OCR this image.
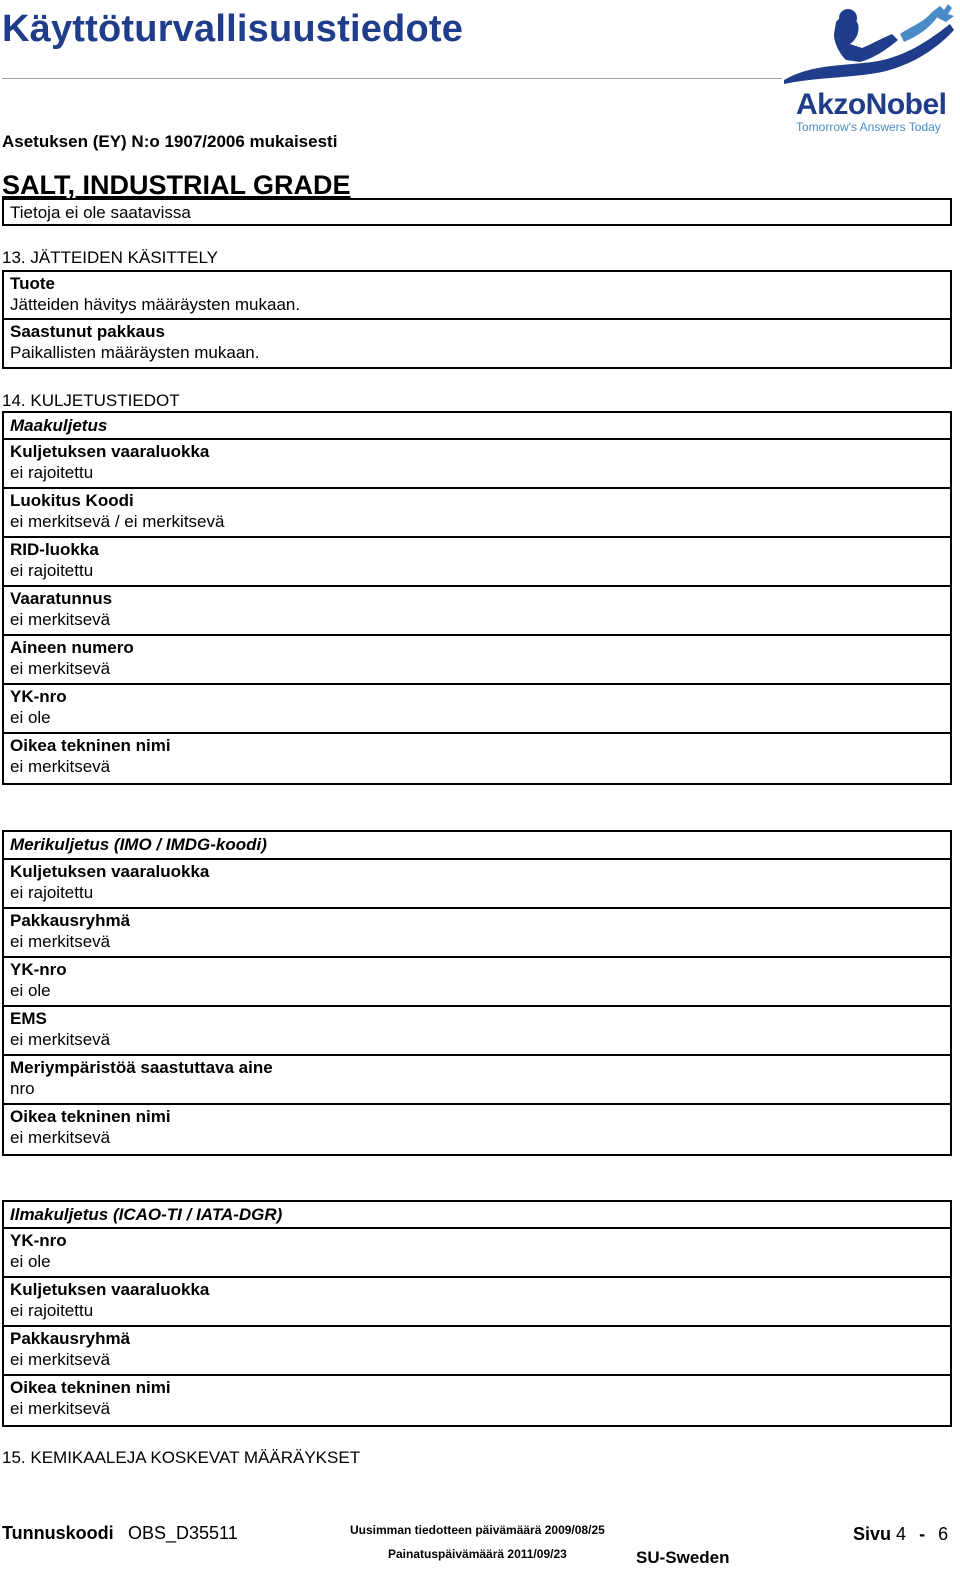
Käyttöturvallisuustiedote
Asetuksen (EY) N:o 1907/2006 mukaisesti
SALT, INDUSTRIAL GRADE
AkzoNobel
Tomorrow's Answers Today
Tietoja ei ole saatavissa
13. JÄTTEIDEN KÄSITTELY
Tuote
Jätteiden hävitys määräysten mukaan.
Saastunut pakkaus
Paikallisten määräysten mukaan.
14. KULJETUSTIEDOT
Maakuljetus
Kuljetuksen vaaraluokka
ei rajoitettu
Luokitus Koodi
ei merkitsevä / ei merkitsevä
RID-luokka
ei rajoitettu
Vaaratunnus
ei merkitsevä
Aineen numero
ei merkitsevä
YK-nro
ei ole
Oikea tekninen nimi
ei merkitsevä
Merikuljetus (IMO / IMDG-koodi)
Kuljetuksen vaaraluokka
ei rajoitettu
Pakkausryhmä
ei merkitsevä
YK-nro
ei ole
EMS
ei merkitsevä
Meriympäristöä saastuttava aine
nro
Oikea tekninen nimi
ei merkitsevä
Ilmakuljetus (ICAO-TI / IATA-DGR)
YK-nro
ei ole
Kuljetuksen vaaraluokka
ei rajoitettu
Pakkausryhmä
ei merkitsevä
Oikea tekninen nimi
ei merkitsevä
15. KEMIKAALEJA KOSKEVAT MÄÄRÄYKSET
Tunnuskoodi OBS_D35511	Uusimman tiedotteen päivämäärä 2009/08/25
Painatuspäivämäärä 2011/09/23	SU-Sweden
Sivu 4 - 6
